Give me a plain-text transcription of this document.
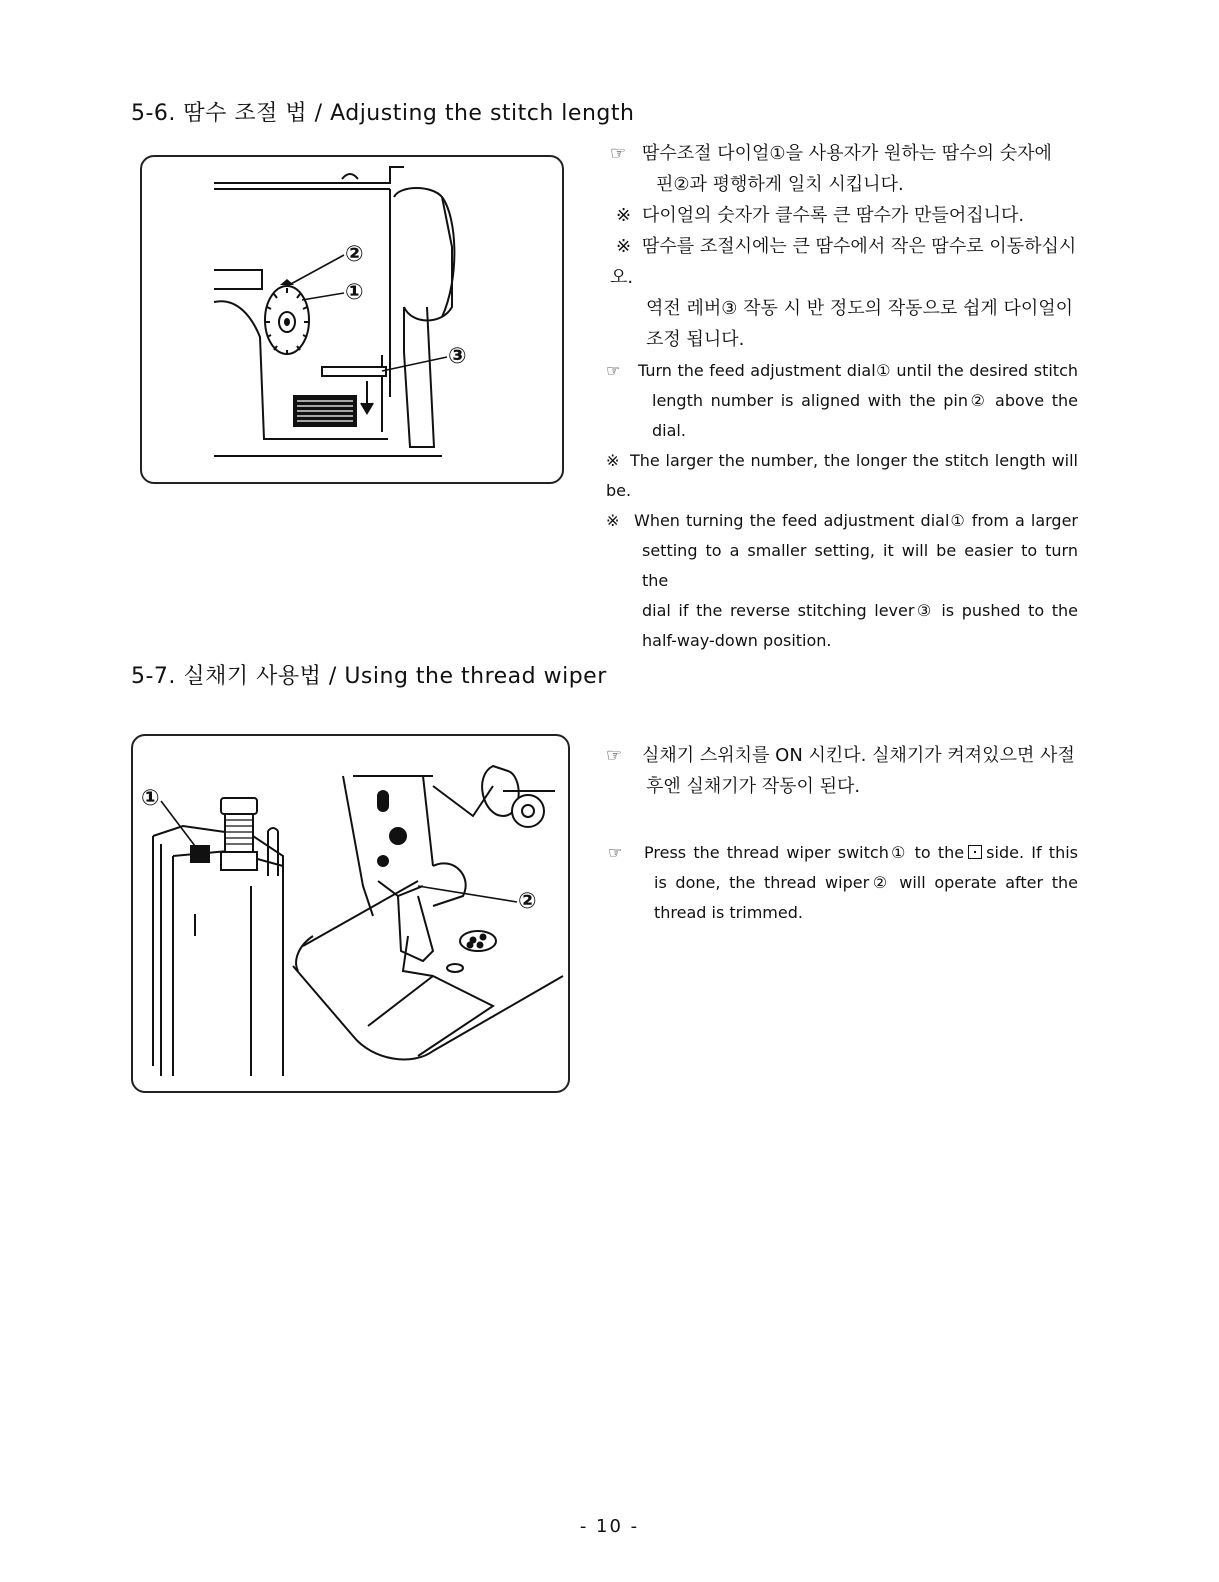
5-6. 땀수 조절 법 / Adjusting the stitch length
②
①
③

☞ 땀수조절 다이얼①을 사용자가 원하는 땀수의 숫자에

핀②과 평행하게 일치 시킵니다.

※ 다이얼의 숫자가 클수록 큰 땀수가 만들어집니다.

※ 땀수를 조절시에는 큰 땀수에서 작은 땀수로 이동하십시오.

역전 레버③ 작동 시 반 정도의 작동으로 쉽게 다이얼이

조정 됩니다.

☞ Turn the feed adjustment dial① until the desired stitch

length number is aligned with the pin② above the

dial.

※ The larger the number, the longer the stitch length will be.

※ When turning the feed adjustment dial① from a larger

setting to a smaller setting, it will be easier to turn the

dial if the reverse stitching lever③ is pushed to the

half-way-down position.

5-7. 실채기 사용법 / Using the thread wiper
①
②

☞ 실채기 스위치를 ON 시킨다. 실채기가 켜져있으면 사절

후엔 실채기가 작동이 된다.

☞ Press the thread wiper switch① to the side. If this

is done, the thread wiper② will operate after the

thread is trimmed.

- 10 -
